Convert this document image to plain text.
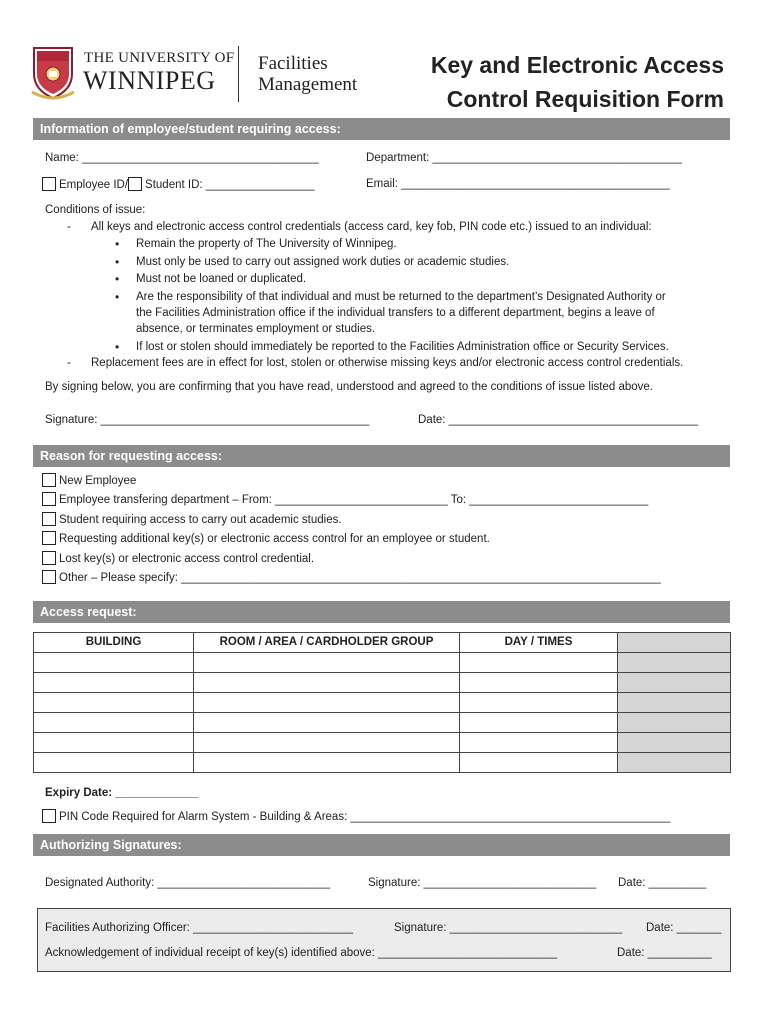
THE UNIVERSITY OF
WINNIPEG
Facilities
Management
Key and Electronic Access
Control Requisition Form
Information of employee/student requiring access:
Name: _____________________________________	Department: _______________________________________
Employee ID/ Student ID: _________________	Email: __________________________________________
Conditions of issue:
- All keys and electronic access control credentials (access card, key fob, PIN code etc.) issued to an individual:
• Remain the property of The University of Winnipeg.
• Must only be used to carry out assigned work duties or academic studies.
• Must not be loaned or duplicated.
• Are the responsibility of that individual and must be returned to the department’s Designated Authority or
the Facilities Administration office if the individual transfers to a different department, begins a leave of
absence, or terminates employment or studies.
• If lost or stolen should immediately be reported to the Facilities Administration office or Security Services.
- Replacement fees are in effect for lost, stolen or otherwise missing keys and/or electronic access control credentials.
By signing below, you are confirming that you have read, understood and agreed to the conditions of issue listed above.
Signature: __________________________________________	Date: _______________________________________
Reason for requesting access:
New Employee
Employee transfering department – From: ___________________________ To: ____________________________
Student requiring access to carry out academic studies.
Requesting additional key(s) or electronic access control for an employee or student.
Lost key(s) or electronic access control credential.
Other – Please specify: ___________________________________________________________________________
Access request:
BUILDING	ROOM / AREA / CARDHOLDER GROUP	DAY / TIMES	

Expiry Date: _____________
PIN Code Required for Alarm System - Building & Areas: __________________________________________________
Authorizing Signatures:
Designated Authority: ___________________________	Signature: ___________________________ Date: _________
Facilities Authorizing Officer: _________________________	Signature: ___________________________ Date: _______
Acknowledgement of individual receipt of key(s) identified above: ____________________________	Date: __________
